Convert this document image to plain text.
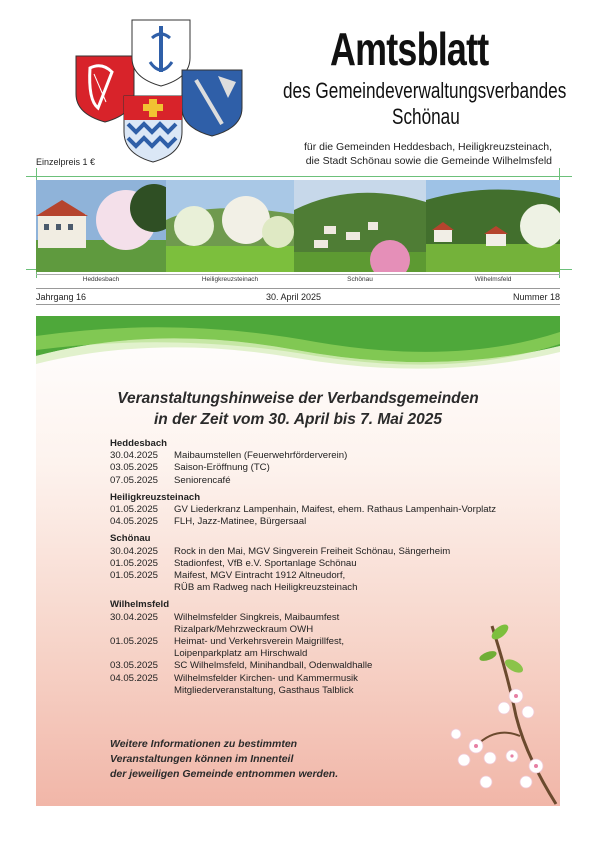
Amtsblatt
des Gemeindeverwaltungsverbandes
Schönau
für die Gemeinden Heddesbach, Heiligkreuzsteinach,
die Stadt Schönau sowie die Gemeinde Wilhelmsfeld
Einzelpreis 1 €
Heddesbach	Heiligkreuzsteinach	Schönau	Wilhelmsfeld
Jahrgang 16	30. April 2025	Nummer 18
Veranstaltungshinweise der Verbandsgemeinden
in der Zeit vom 30. April bis 7. Mai 2025
Heddesbach
30.04.2025	Maibaumstellen (Feuerwehrförderverein)
03.05.2025	Saison-Eröffnung (TC)
07.05.2025	Seniorencafé
Heiligkreuzsteinach
01.05.2025	GV Liederkranz Lampenhain, Maifest, ehem. Rathaus Lampenhain-Vorplatz
04.05.2025	FLH, Jazz-Matinee, Bürgersaal
Schönau
30.04.2025	Rock in den Mai, MGV Singverein Freiheit Schönau, Sängerheim
01.05.2025	Stadionfest, VfB e.V. Sportanlage Schönau
01.05.2025	Maifest, MGV Eintracht 1912 Altneudorf,
RÜB am Radweg nach Heiligkreuzsteinach
Wilhelmsfeld
30.04.2025	Wilhelmsfelder Singkreis, Maibaumfest
Rizalpark/Mehrzweckraum OWH
01.05.2025	Heimat- und Verkehrsverein Maigrillfest,
Loipenparkplatz am Hirschwald
03.05.2025	SC Wilhelmsfeld, Minihandball, Odenwaldhalle
04.05.2025	Wilhelmsfelder Kirchen- und Kammermusik
Mitgliederveranstaltung, Gasthaus Talblick
Weitere Informationen zu bestimmten
Veranstaltungen können im Innenteil
der jeweiligen Gemeinde entnommen werden.
